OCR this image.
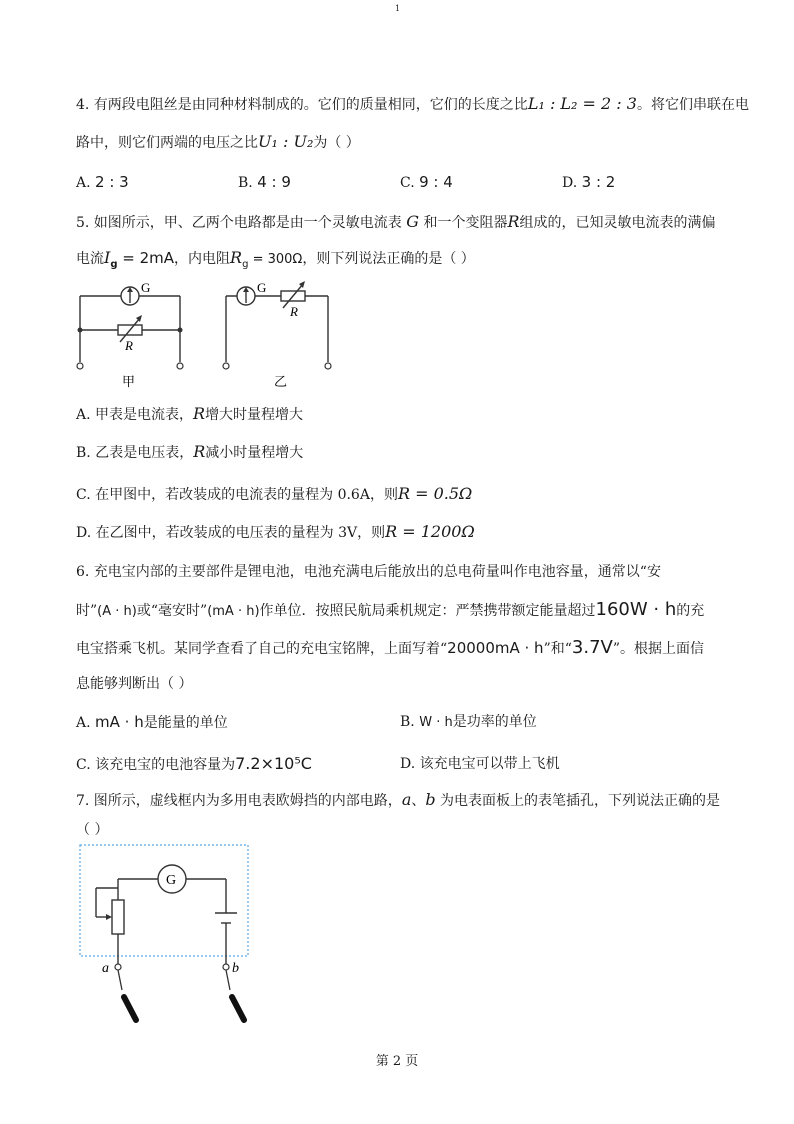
1
4. 有两段电阻丝是由同种材料制成的。它们的质量相同，它们的长度之比L₁ : L₂ = 2 : 3。将它们串联在电
路中，则它们两端的电压之比U₁ : U₂为（ ）
A. 2 : 3	B. 4 : 9	C. 9 : 4	D. 3 : 2
5. 如图所示，甲、乙两个电路都是由一个灵敏电流表 G 和一个变阻器R组成的，已知灵敏电流表的满偏
电流$I_g = 2mA$，内电阻$R_g = 300\Omega$，则下列说法正确的是（ ）
G
R
甲
G
R
乙
A. 甲表是电流表，R增大时量程增大
B. 乙表是电压表，R减小时量程增大
C. 在甲图中，若改装成的电流表的量程为 0.6A，则R = 0.5Ω
D. 在乙图中，若改装成的电压表的量程为 3V，则R = 1200Ω
6. 充电宝内部的主要部件是锂电池，电池充满电后能放出的总电荷量叫作电池容量，通常以“安
时”(A · h)或“毫安时”(mA · h)作单位．按照民航局乘机规定：严禁携带额定能量超过160W · h的充
电宝搭乘飞机。某同学查看了自己的充电宝铭牌，上面写着“20000mA · h”和“3.7V”。根据上面信
息能够判断出（ ）
A. mA · h是能量的单位	B. W · h是功率的单位
C. 该充电宝的电池容量为7.2×10⁵C	D. 该充电宝可以带上飞机
7. 图所示，虚线框内为多用电表欧姆挡的内部电路，a、b 为电表面板上的表笔插孔，下列说法正确的是
（ ）
G
a	b
第 2 页
